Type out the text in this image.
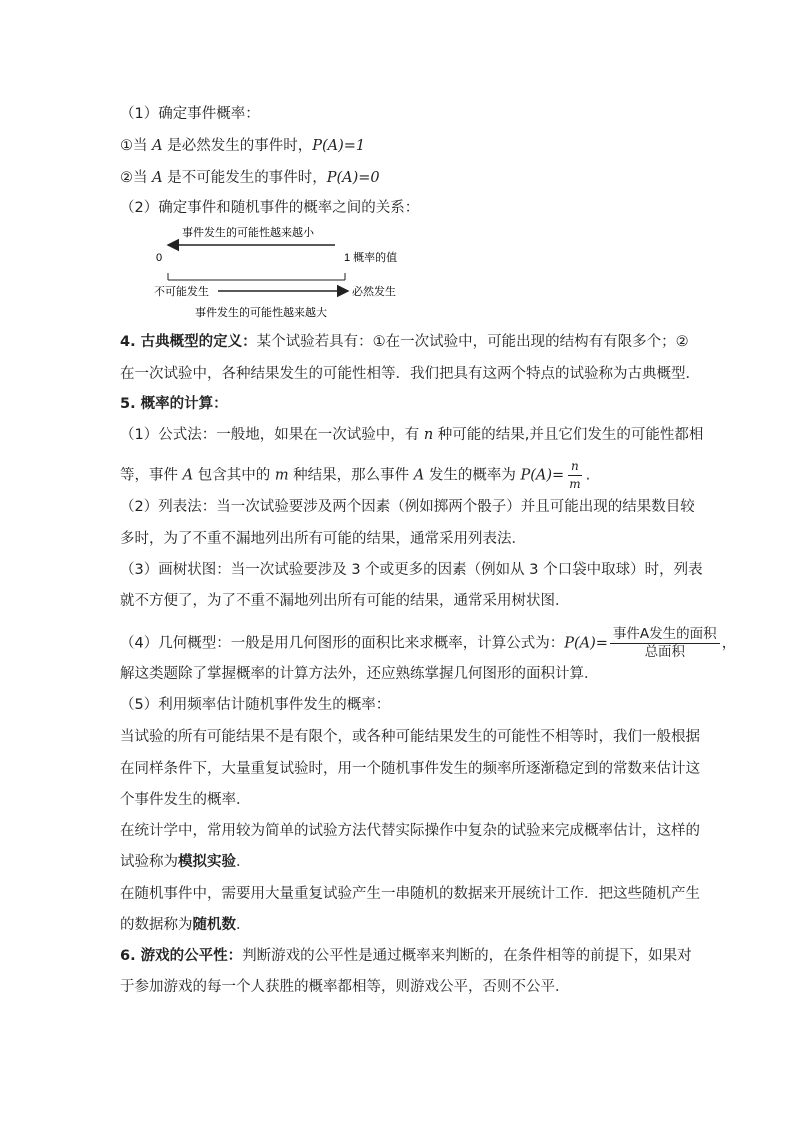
（1）确定事件概率：
①当 A 是必然发生的事件时，P(A)=1
②当 A 是不可能发生的事件时，P(A)=0
（2）确定事件和随机事件的概率之间的关系：
事件发生的可能性越来越小
0	1 概率的值
不可能发生	必然发生
事件发生的可能性越来越大
4. 古典概型的定义：某个试验若具有：①在一次试验中，可能出现的结构有有限多个；②
在一次试验中，各种结果发生的可能性相等．我们把具有这两个特点的试验称为古典概型．
5. 概率的计算：
（1）公式法：一般地，如果在一次试验中，有 n 种可能的结果,并且它们发生的可能性都相
等，事件 A 包含其中的 m 种结果，那么事件 A 发生的概率为 $P(A)= \frac{n}{m}$ .
（2）列表法：当一次试验要涉及两个因素（例如掷两个骰子）并且可能出现的结果数目较
多时，为了不重不漏地列出所有可能的结果，通常采用列表法．
（3）画树状图：当一次试验要涉及 3 个或更多的因素（例如从 3 个口袋中取球）时，列表
就不方便了，为了不重不漏地列出所有可能的结果，通常采用树状图．
（4）几何概型：一般是用几何图形的面积比来求概率，计算公式为：$P(A)= \frac{\text{事件A发生的面积}}{\text{总面积}}$ ，
解这类题除了掌握概率的计算方法外，还应熟练掌握几何图形的面积计算．
（5）利用频率估计随机事件发生的概率：
当试验的所有可能结果不是有限个，或各种可能结果发生的可能性不相等时，我们一般根据
在同样条件下，大量重复试验时，用一个随机事件发生的频率所逐渐稳定到的常数来估计这
个事件发生的概率．
在统计学中，常用较为简单的试验方法代替实际操作中复杂的试验来完成概率估计，这样的
试验称为模拟实验．
在随机事件中，需要用大量重复试验产生一串随机的数据来开展统计工作．把这些随机产生
的数据称为随机数．
6. 游戏的公平性：判断游戏的公平性是通过概率来判断的，在条件相等的前提下，如果对
于参加游戏的每一个人获胜的概率都相等，则游戏公平，否则不公平．
